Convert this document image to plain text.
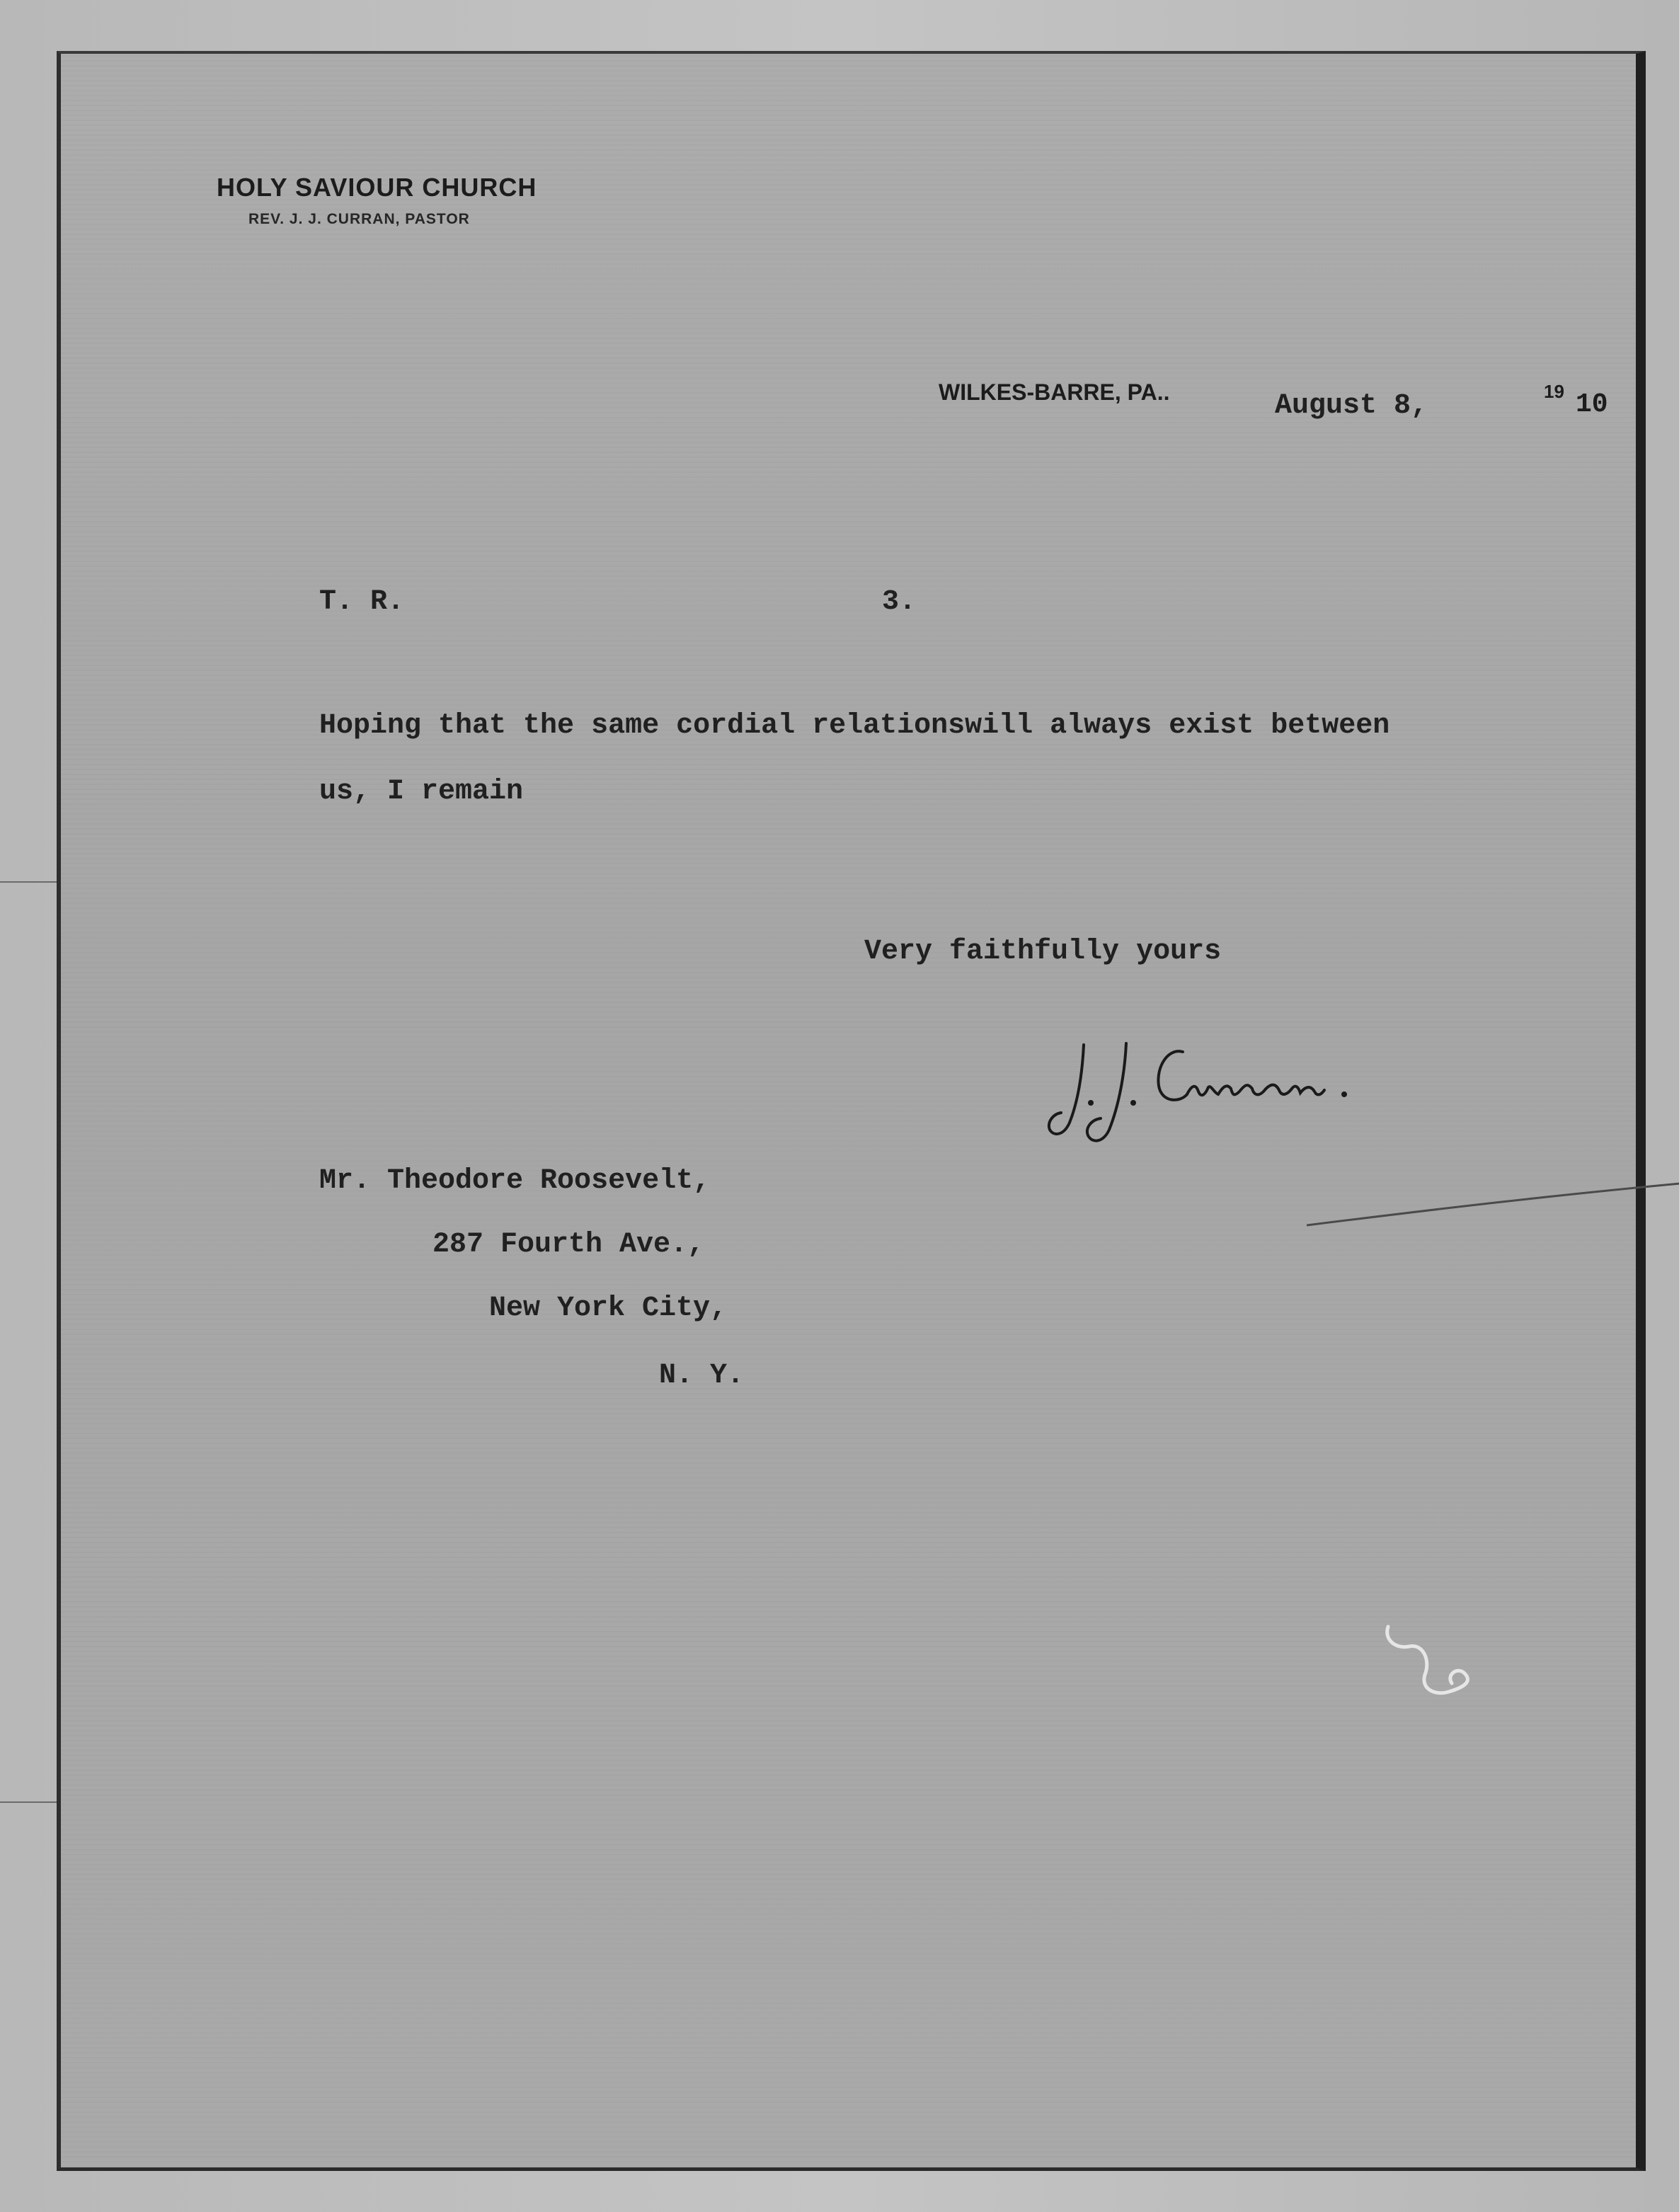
HOLY SAVIOUR CHURCH
REV. J. J. CURRAN, PASTOR
WILKES-BARRE, PA..	August 8,	19 10
T. R.	3.
Hoping that the same cordial relationswill always exist between
us, I remain
Very faithfully yours
Mr. Theodore Roosevelt,
287 Fourth Ave.,
New York City,
N. Y.
